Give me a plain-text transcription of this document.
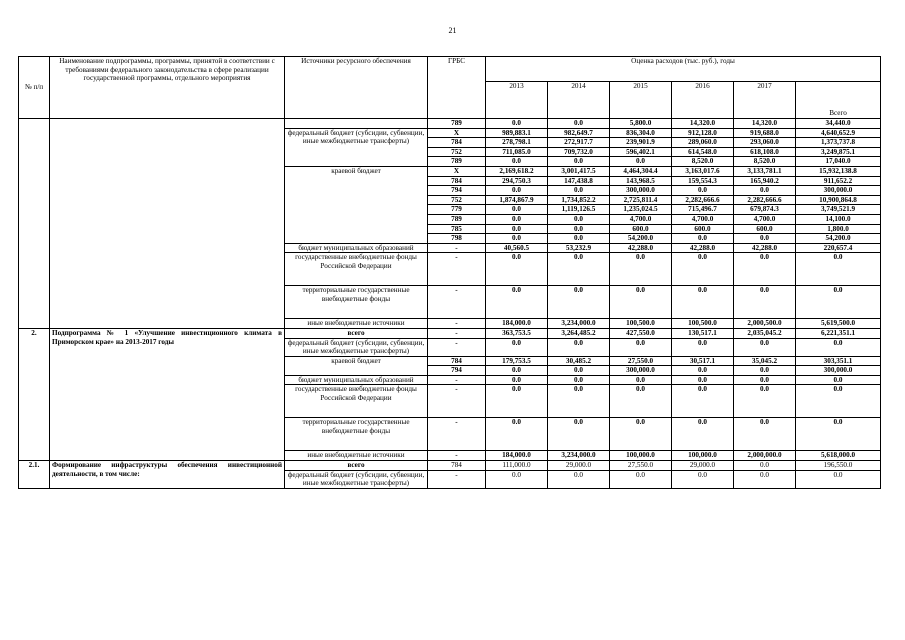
21
№ п/п	Наименование подпрограммы, программы, принятой в соответствии с требованиями федерального законодательства в сфере реализации государственной программы, отдельного мероприятия	Источники ресурсного обеспечения	ГРБС	Оценка расходов (тыс. руб.), годы					
				2013	2014	2015	2016	2017	Всего
			789	0.0	0.0	5,800.0	14,320.0	14,320.0	34,440.0
		федеральный бюджет (субсидии, субвенции, иные межбюджетные трансферты)	Х	989,883.1	982,649.7	836,304.0	912,128.0	919,688.0	4,640,652.9
			784	278,798.1	272,917.7	239,901.9	289,060.0	293,060.0	1,373,737.8
			752	711,085.0	709,732.0	596,402.1	614,548.0	618,108.0	3,249,875.1
			789	0.0	0.0	0.0	8,520.0	8,520.0	17,040.0
		краевой бюджет	Х	2,169,618.2	3,001,417.5	4,464,304.4	3,163,017.6	3,133,781.1	15,932,138.8
			784	294,750.3	147,438.8	143,968.5	159,554.3	165,940.2	911,652.2
			794	0.0	0.0	300,000.0	0.0	0.0	300,000.0
			752	1,874,867.9	1,734,852.2	2,725,811.4	2,282,666.6	2,282,666.6	10,900,864.8
			779	0.0	1,119,126.5	1,235,024.5	715,496.7	679,874.3	3,749,521.9
			789	0.0	0.0	4,700.0	4,700.0	4,700.0	14,100.0
			785	0.0	0.0	600.0	600.0	600.0	1,800.0
			798	0.0	0.0	54,200.0	0.0	0.0	54,200.0
		бюджет муниципальных образований	-	40,560.5	53,232.9	42,288.0	42,288.0	42,288.0	220,657.4
		государственные внебюджетные фонды Российской Федерации	-	0.0	0.0	0.0	0.0	0.0	0.0
		территориальные государственные внебюджетные фонды	-	0.0	0.0	0.0	0.0	0.0	0.0
		иные внебюджетные источники	-	184,000.0	3,234,000.0	100,500.0	100,500.0	2,000,500.0	5,619,500.0
2.	Подпрограмма № 1 «Улучшение инвестиционного климата в Приморском крае» на 2013-2017 годы	всего	-	363,753.5	3,264,485.2	427,550.0	130,517.1	2,035,045.2	6,221,351.1
		федеральный бюджет (субсидии, субвенции, иные межбюджетные трансферты)	-	0.0	0.0	0.0	0.0	0.0	0.0
		краевой бюджет	784	179,753.5	30,485.2	27,550.0	30,517.1	35,045.2	303,351.1
			794	0.0	0.0	300,000.0	0.0	0.0	300,000.0
		бюджет муниципальных образований	-	0.0	0.0	0.0	0.0	0.0	0.0
		государственные внебюджетные фонды Российской Федерации	-	0.0	0.0	0.0	0.0	0.0	0.0
		территориальные государственные внебюджетные фонды	-	0.0	0.0	0.0	0.0	0.0	0.0
		иные внебюджетные источники	-	184,000.0	3,234,000.0	100,000.0	100,000.0	2,000,000.0	5,618,000.0
2.1.	Формирование инфраструктуры обеспечения инвестиционной деятельности, в том числе:	всего	784	111,000.0	29,000.0	27,550.0	29,000.0	0.0	196,550.0
		федеральный бюджет (субсидии, субвенции, иные межбюджетные трансферты)	-	0.0	0.0	0.0	0.0	0.0	0.0
